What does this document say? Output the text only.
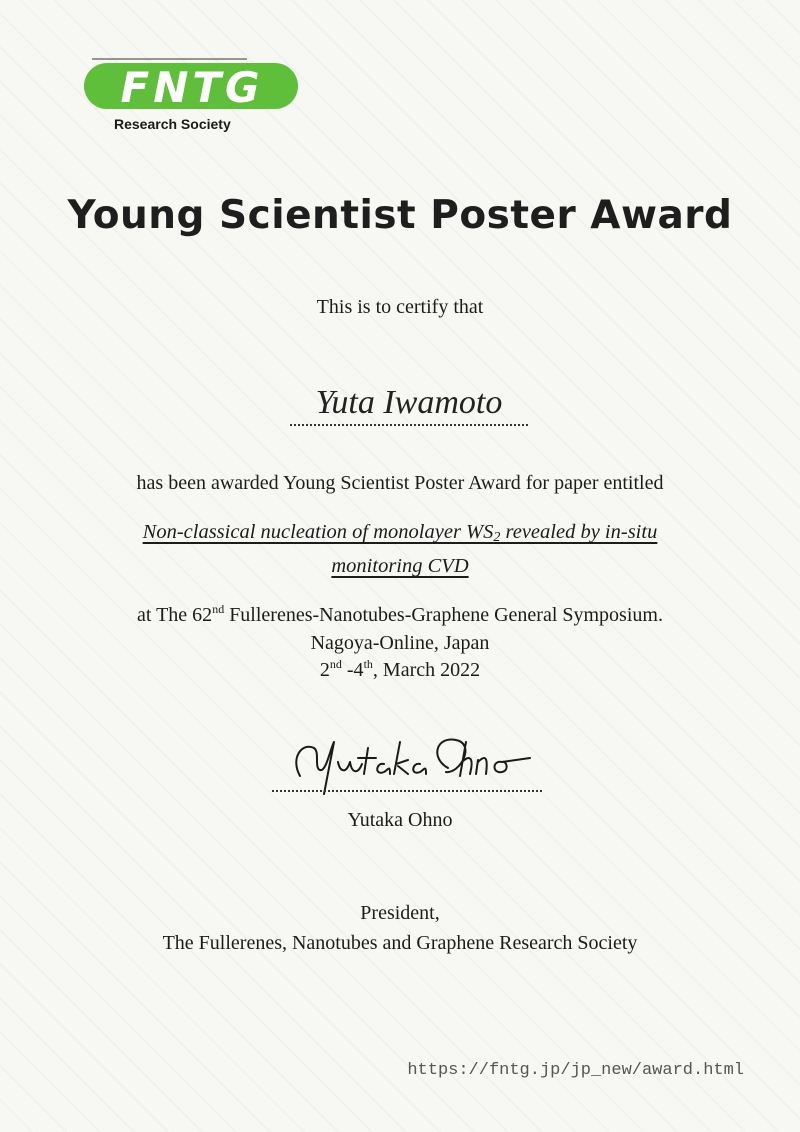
FNTG
Research Society
Young Scientist Poster Award
This is to certify that
Yuta Iwamoto
has been awarded Young Scientist Poster Award for paper entitled
Non-classical nucleation of monolayer $WS_2$ revealed by in-situ
monitoring CVD
at The 62nd Fullerenes-Nanotubes-Graphene General Symposium.
Nagoya-Online, Japan
2nd -4th, March 2022
Yutaka Ohno
President,
The Fullerenes, Nanotubes and Graphene Research Society
https://fntg.jp/jp_new/award.html
